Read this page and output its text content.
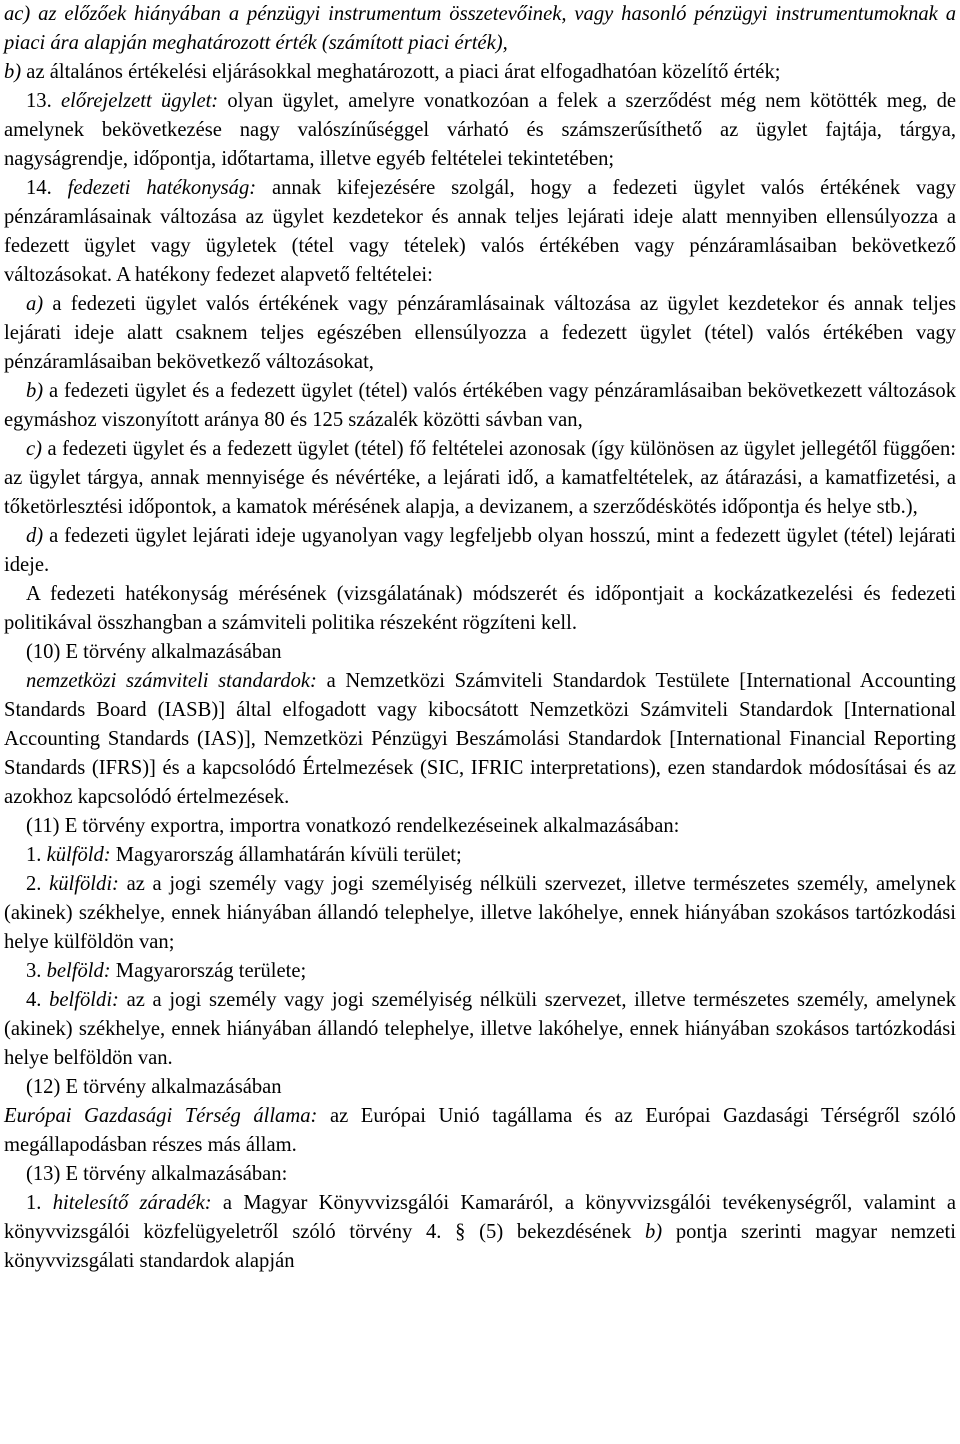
ac) az előzőek hiányában a pénzügyi instrumentum összetevőinek, vagy hasonló pénzügyi instrumentumoknak a piaci ára alapján meghatározott érték (számított piaci érték),

b) az általános értékelési eljárásokkal meghatározott, a piaci árat elfogadhatóan közelítő érték;

13. előrejelzett ügylet: olyan ügylet, amelyre vonatkozóan a felek a szerződést még nem kötötték meg, de amelynek bekövetkezése nagy valószínűséggel várható és számszerűsíthető az ügylet fajtája, tárgya, nagyságrendje, időpontja, időtartama, illetve egyéb feltételei tekintetében;

14. fedezeti hatékonyság: annak kifejezésére szolgál, hogy a fedezeti ügylet valós értékének vagy pénzáramlásainak változása az ügylet kezdetekor és annak teljes lejárati ideje alatt mennyiben ellensúlyozza a fedezett ügylet vagy ügyletek (tétel vagy tételek) valós értékében vagy pénzáramlásaiban bekövetkező változásokat. A hatékony fedezet alapvető feltételei:

a) a fedezeti ügylet valós értékének vagy pénzáramlásainak változása az ügylet kezdetekor és annak teljes lejárati ideje alatt csaknem teljes egészében ellensúlyozza a fedezett ügylet (tétel) valós értékében vagy pénzáramlásaiban bekövetkező változásokat,

b) a fedezeti ügylet és a fedezett ügylet (tétel) valós értékében vagy pénzáramlásaiban bekövetkezett változások egymáshoz viszonyított aránya 80 és 125 százalék közötti sávban van,

c) a fedezeti ügylet és a fedezett ügylet (tétel) fő feltételei azonosak (így különösen az ügylet jellegétől függően: az ügylet tárgya, annak mennyisége és névértéke, a lejárati idő, a kamatfeltételek, az átárazási, a kamatfizetési, a tőketörlesztési időpontok, a kamatok mérésének alapja, a devizanem, a szerződéskötés időpontja és helye stb.),

d) a fedezeti ügylet lejárati ideje ugyanolyan vagy legfeljebb olyan hosszú, mint a fedezett ügylet (tétel) lejárati ideje.

A fedezeti hatékonyság mérésének (vizsgálatának) módszerét és időpontjait a kockázatkezelési és fedezeti politikával összhangban a számviteli politika részeként rögzíteni kell.

(10) E törvény alkalmazásában

nemzetközi számviteli standardok: a Nemzetközi Számviteli Standardok Testülete [International Accounting Standards Board (IASB)] által elfogadott vagy kibocsátott Nemzetközi Számviteli Standardok [International Accounting Standards (IAS)], Nemzetközi Pénzügyi Beszámolási Standardok [International Financial Reporting Standards (IFRS)] és a kapcsolódó Értelmezések (SIC, IFRIC interpretations), ezen standardok módosításai és az azokhoz kapcsolódó értelmezések.

(11) E törvény exportra, importra vonatkozó rendelkezéseinek alkalmazásában:

1. külföld: Magyarország államhatárán kívüli terület;

2. külföldi: az a jogi személy vagy jogi személyiség nélküli szervezet, illetve természetes személy, amelynek (akinek) székhelye, ennek hiányában állandó telephelye, illetve lakóhelye, ennek hiányában szokásos tartózkodási helye külföldön van;

3. belföld: Magyarország területe;

4. belföldi: az a jogi személy vagy jogi személyiség nélküli szervezet, illetve természetes személy, amelynek (akinek) székhelye, ennek hiányában állandó telephelye, illetve lakóhelye, ennek hiányában szokásos tartózkodási helye belföldön van.

(12) E törvény alkalmazásában

Európai Gazdasági Térség állama: az Európai Unió tagállama és az Európai Gazdasági Térségről szóló megállapodásban részes más állam.

(13) E törvény alkalmazásában:

1. hitelesítő záradék: a Magyar Könyvvizsgálói Kamaráról, a könyvvizsgálói tevékenységről, valamint a könyvvizsgálói közfelügyeletről szóló törvény 4. § (5) bekezdésének b) pontja szerinti magyar nemzeti könyvvizsgálati standardok alapján
